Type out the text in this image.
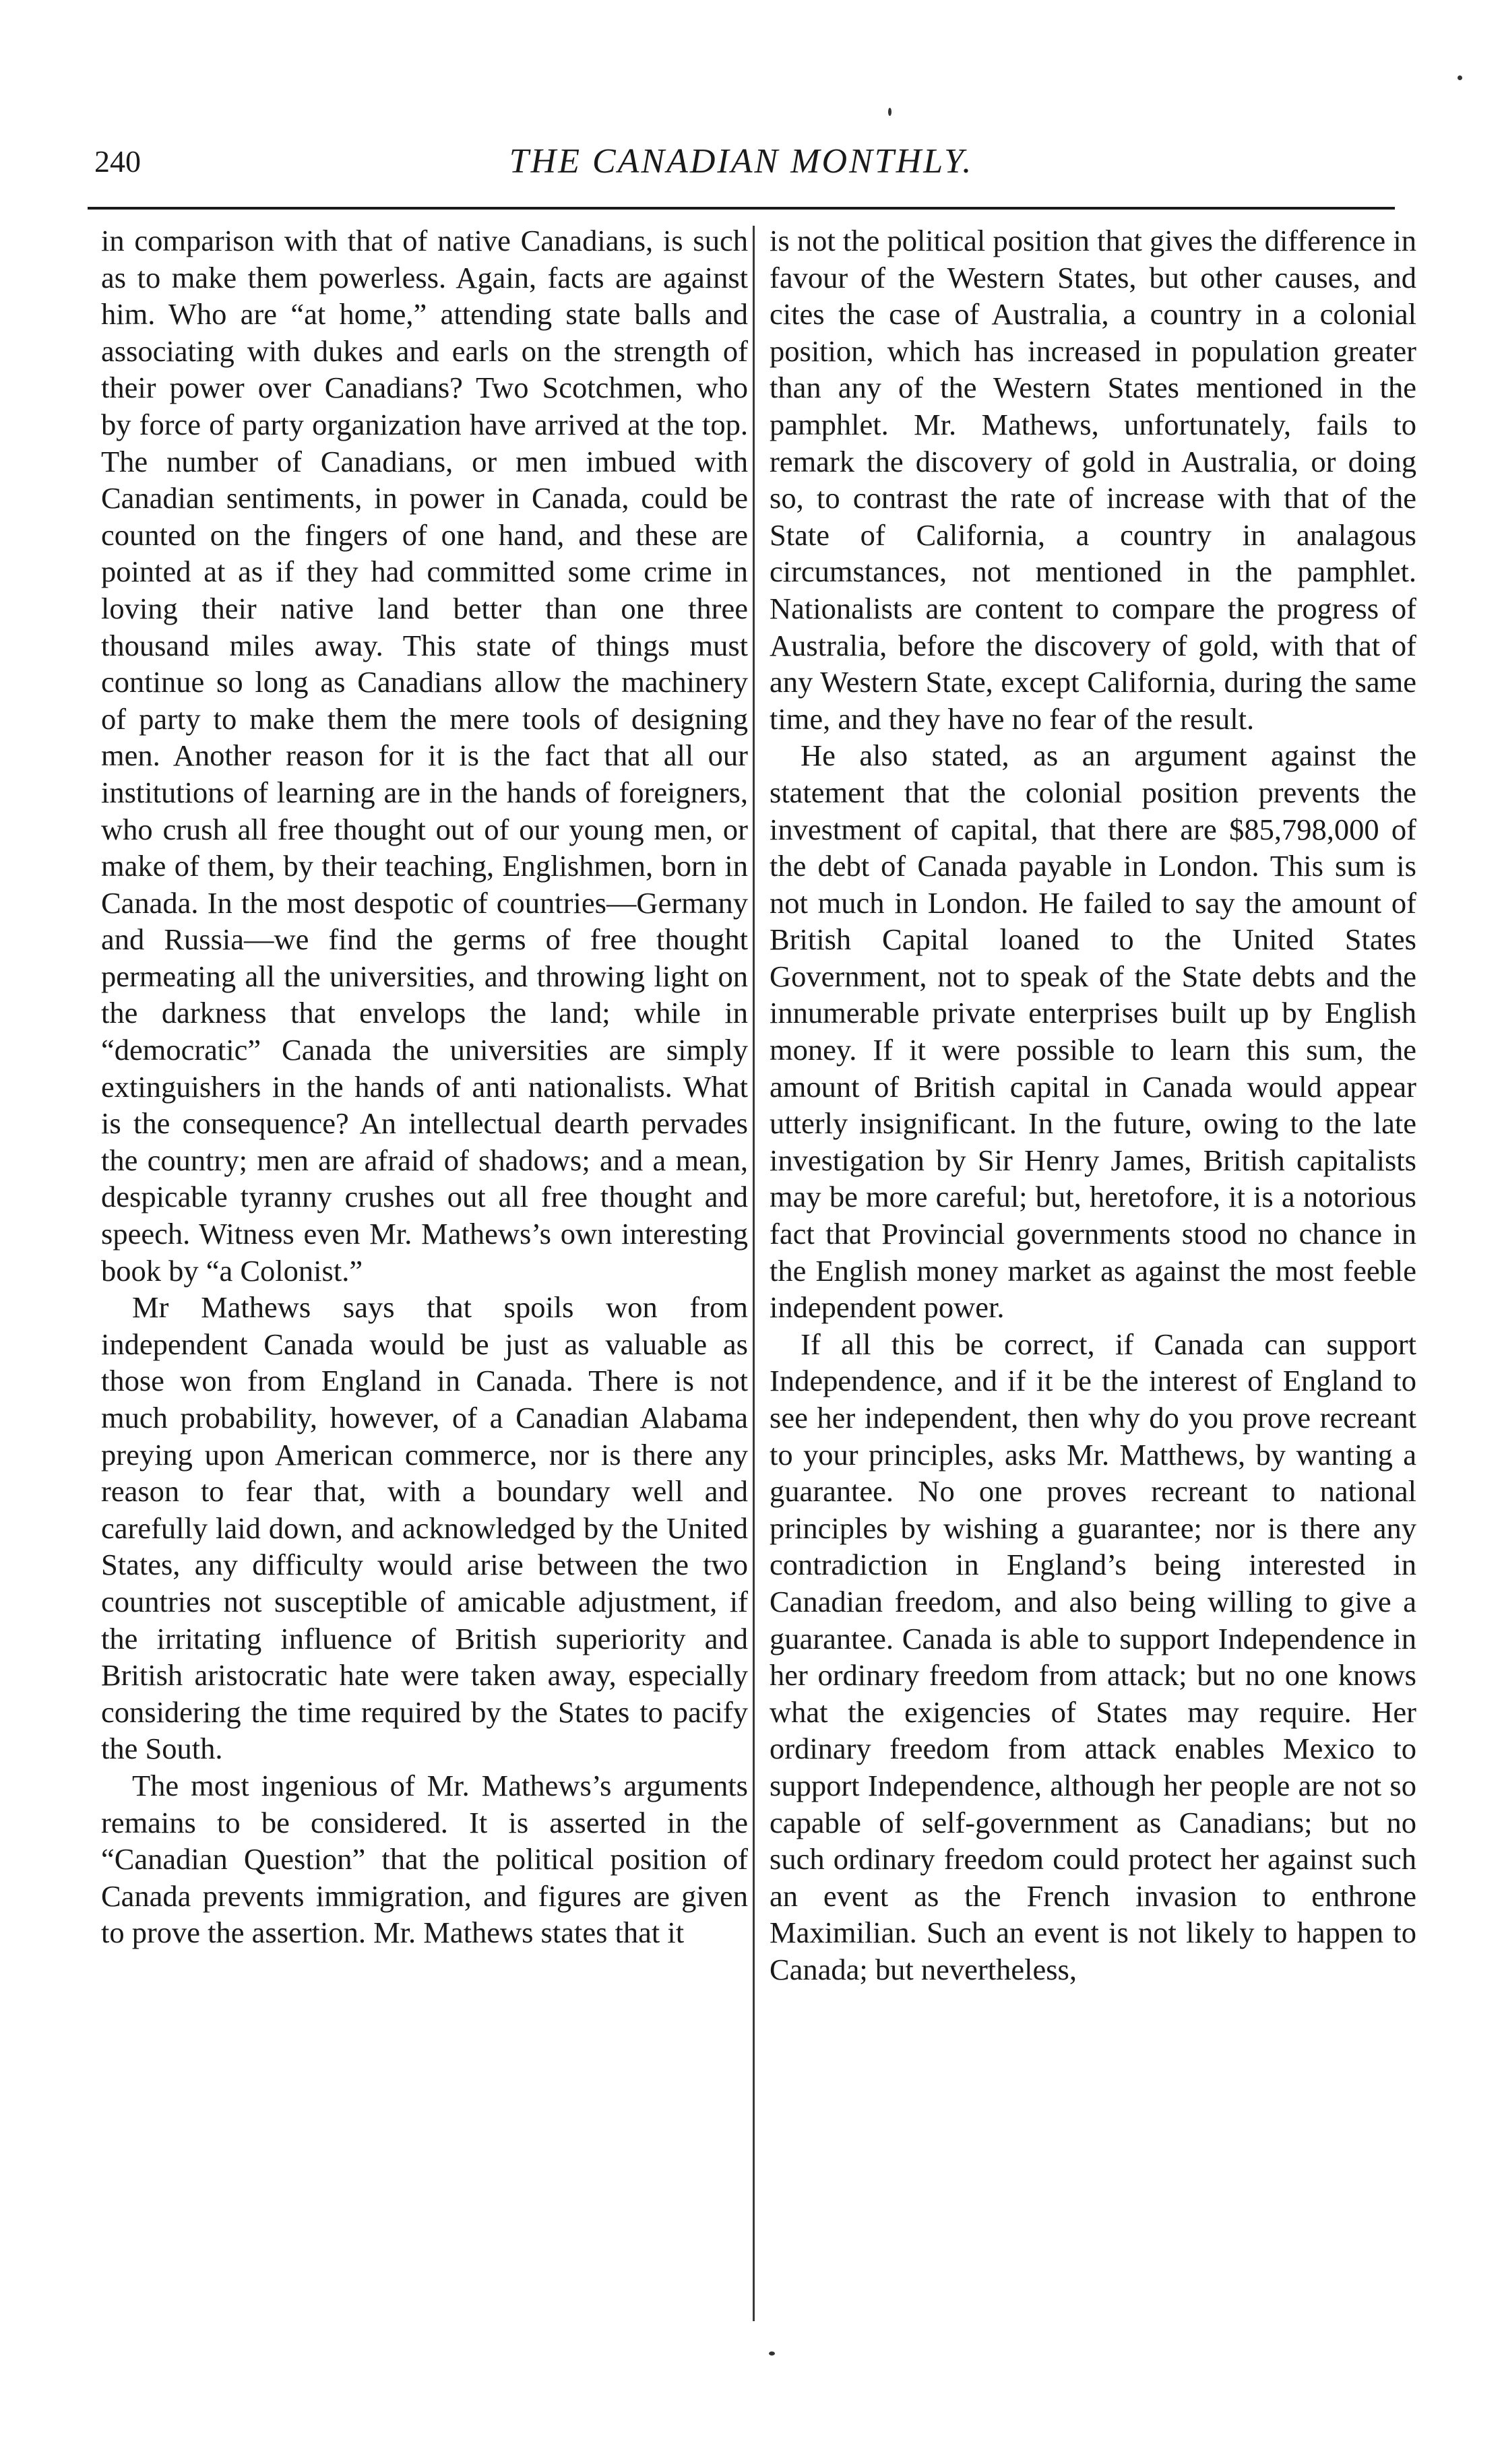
240	THE CANADIAN MONTHLY.

in comparison with that of native Canadians, is such as to make them powerless. Again, facts are against him. Who are “at home,” attending state balls and associating with dukes and earls on the strength of their power over Canadians? Two Scotchmen, who by force of party organization have arrived at the top. The number of Canadians, or men imbued with Canadian sentiments, in power in Canada, could be counted on the fingers of one hand, and these are pointed at as if they had committed some crime in loving their native land better than one three thousand miles away. This state of things must continue so long as Canadians allow the machinery of party to make them the mere tools of designing men. Another reason for it is the fact that all our institutions of learning are in the hands of foreigners, who crush all free thought out of our young men, or make of them, by their teaching, Englishmen, born in Canada. In the most despotic of countries—Germany and Russia—we find the germs of free thought permeating all the universities, and throwing light on the darkness that envelops the land; while in “democratic” Canada the universities are simply extinguishers in the hands of anti nationalists. What is the consequence? An intellectual dearth pervades the country; men are afraid of shadows; and a mean, despicable tyranny crushes out all free thought and speech. Witness even Mr. Mathews’s own interesting book by “a Colonist.”

Mr Mathews says that spoils won from independent Canada would be just as valuable as those won from England in Canada. There is not much probability, however, of a Canadian Alabama preying upon American commerce, nor is there any reason to fear that, with a boundary well and carefully laid down, and acknowledged by the United States, any difficulty would arise between the two countries not susceptible of amicable adjustment, if the irritating influence of British superiority and British aristocratic hate were taken away, especially considering the time required by the States to pacify the South.

The most ingenious of Mr. Mathews’s arguments remains to be considered. It is asserted in the “Canadian Question” that the political position of Canada prevents immigration, and figures are given to prove the assertion. Mr. Mathews states that it

is not the political position that gives the difference in favour of the Western States, but other causes, and cites the case of Australia, a country in a colonial position, which has increased in population greater than any of the Western States mentioned in the pamphlet. Mr. Mathews, unfortunately, fails to remark the discovery of gold in Australia, or doing so, to contrast the rate of increase with that of the State of California, a country in analagous circumstances, not mentioned in the pamphlet. Nationalists are content to compare the progress of Australia, before the discovery of gold, with that of any Western State, except California, during the same time, and they have no fear of the result.

He also stated, as an argument against the statement that the colonial position prevents the investment of capital, that there are $85,798,000 of the debt of Canada payable in London. This sum is not much in London. He failed to say the amount of British Capital loaned to the United States Government, not to speak of the State debts and the innumerable private enterprises built up by English money. If it were possible to learn this sum, the amount of British capital in Canada would appear utterly insignificant. In the future, owing to the late investigation by Sir Henry James, British capitalists may be more careful; but, heretofore, it is a notorious fact that Provincial governments stood no chance in the English money market as against the most feeble independent power.

If all this be correct, if Canada can support Independence, and if it be the interest of England to see her independent, then why do you prove recreant to your principles, asks Mr. Matthews, by wanting a guarantee. No one proves recreant to national principles by wishing a guarantee; nor is there any contradiction in England’s being interested in Canadian freedom, and also being willing to give a guarantee. Canada is able to support Independence in her ordinary freedom from attack; but no one knows what the exigencies of States may require. Her ordinary freedom from attack enables Mexico to support Independence, although her people are not so capable of self-government as Canadians; but no such ordinary freedom could protect her against such an event as the French invasion to enthrone Maximilian. Such an event is not likely to happen to Canada; but nevertheless,
